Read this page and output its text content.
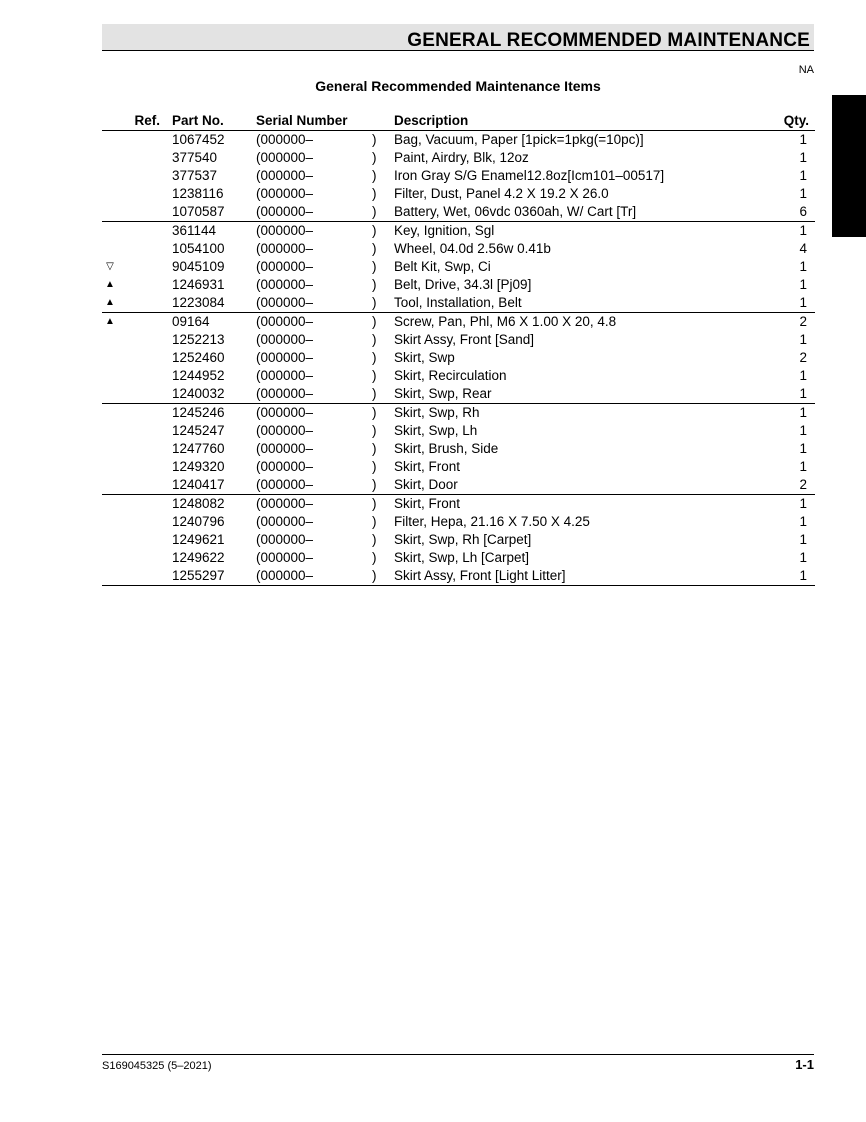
GENERAL RECOMMENDED MAINTENANCE
NA
General Recommended Maintenance Items
Ref. Part No. Serial Number	Description	Qty.
1067452 (000000–	) Bag, Vacuum, Paper [1pick=1pkg(=10pc)]	1
377540	(000000–	) Paint, Airdry, Blk, 12oz	1
377537	(000000–	) Iron Gray S/G Enamel12.8oz[Icm101–00517]	1
1238116 (000000–	) Filter, Dust, Panel 4.2 X 19.2 X 26.0	1
1070587 (000000–	) Battery, Wet, 06vdc 0360ah, W/ Cart [Tr]	6
361144	(000000–	) Key, Ignition, Sgl	1
1054100 (000000–	) Wheel, 04.0d 2.56w 0.41b	4
▽	9045109 (000000–	) Belt Kit, Swp, Ci	1
▲	1246931 (000000–	) Belt, Drive, 34.3l [Pj09]	1
▲	1223084 (000000–	) Tool, Installation, Belt	1
▲	09164	(000000–	) Screw, Pan, Phl, M6 X 1.00 X 20, 4.8	2
1252213 (000000–	) Skirt Assy, Front [Sand]	1
1252460 (000000–	) Skirt, Swp	2
1244952 (000000–	) Skirt, Recirculation	1
1240032 (000000–	) Skirt, Swp, Rear	1
1245246 (000000–	) Skirt, Swp, Rh	1
1245247 (000000–	) Skirt, Swp, Lh	1
1247760 (000000–	) Skirt, Brush, Side	1
1249320 (000000–	) Skirt, Front	1
1240417 (000000–	) Skirt, Door	2
1248082 (000000–	) Skirt, Front	1
1240796 (000000–	) Filter, Hepa, 21.16 X 7.50 X 4.25	1
1249621 (000000–	) Skirt, Swp, Rh [Carpet]	1
1249622 (000000–	) Skirt, Swp, Lh [Carpet]	1
1255297 (000000–	) Skirt Assy, Front [Light Litter]	1
S169045325 (5–2021)	1-1
